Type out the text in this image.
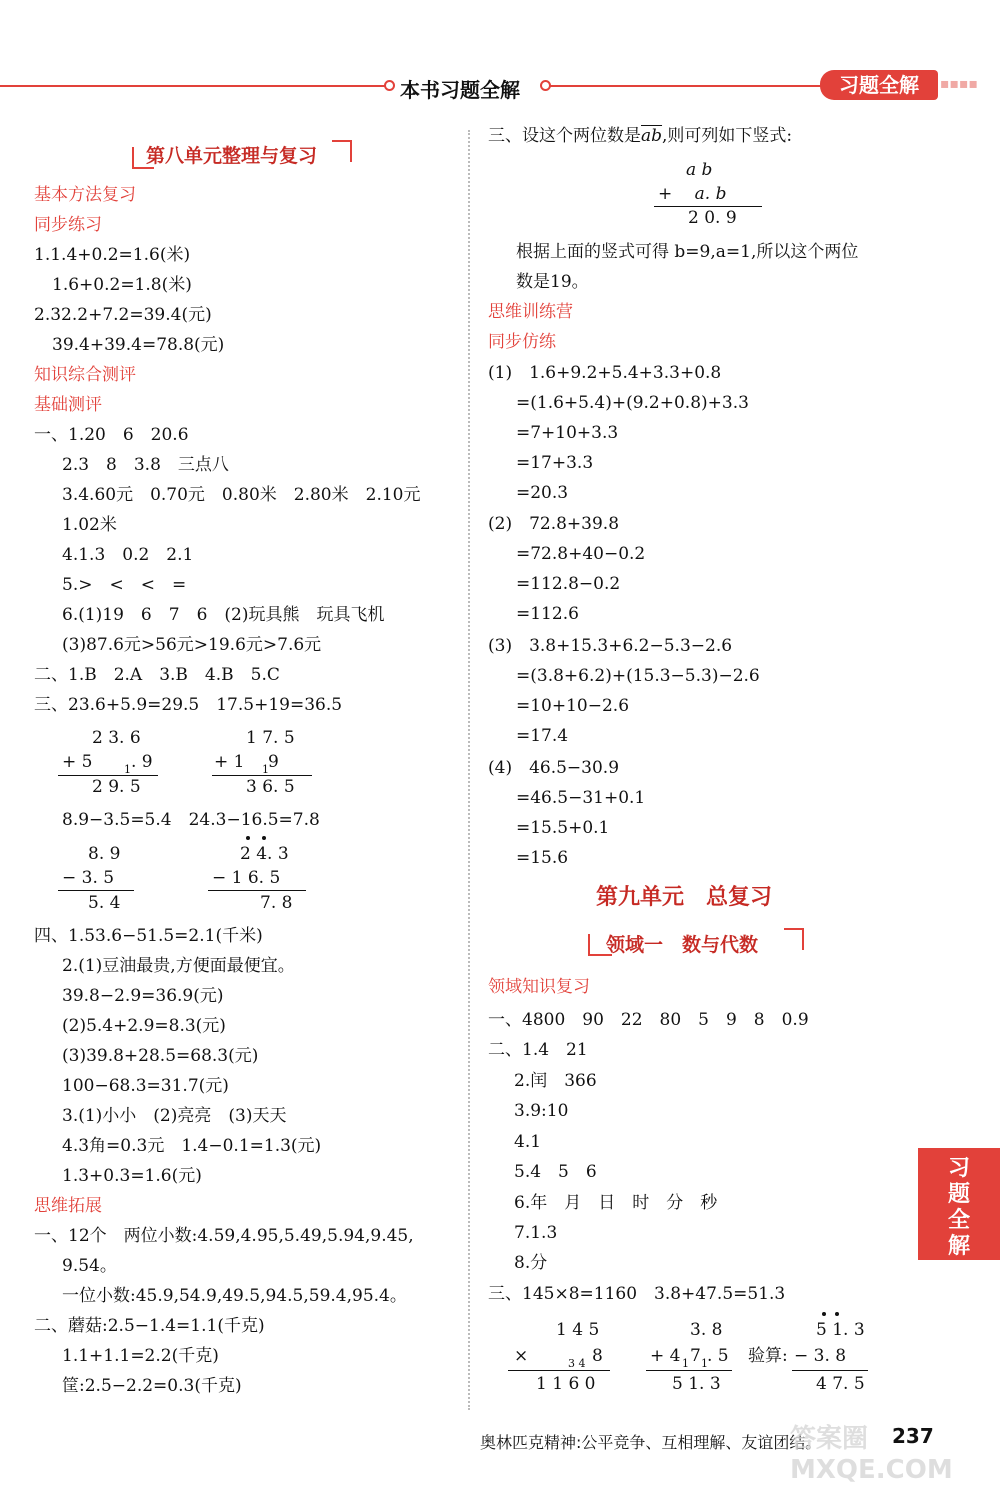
本书习题全解	习题全解	▪▪▪▪
第八单元整理与复习
基本方法复习
同步练习
1.1.4+0.2=1.6(米)
1.6+0.2=1.8(米)
2.32.2+7.2=39.4(元)
39.4+39.4=78.8(元)
知识综合测评
基础测评
一、1.20　6　20.6
2.3　8　3.8　三点八
3.4.60元　0.70元　0.80米　2.80米　2.10元
1.02米
4.1.3　0.2　2.1
5.>　<　<　=
6.(1)19　6　7　6　(2)玩具熊　玩具飞机
(3)87.6元>56元>19.6元>7.6元
二、1.B　2.A　3.B　4.B　5.C
三、23.6+5.9=29.5　17.5+19=36.5
2 3. 6
+ 5	1 . 9
2 9. 5
1 7. 5
+ 1 1 9
3 6. 5
8.9−3.5=5.4　24.3−16.5=7.8
8. 9
− 3. 5
5. 4
2 4. 3
− 1 6. 5
7. 8
四、1.53.6−51.5=2.1(千米)
2.(1)豆油最贵,方便面最便宜。
39.8−2.9=36.9(元)
(2)5.4+2.9=8.3(元)
(3)39.8+28.5=68.3(元)
100−68.3=31.7(元)
3.(1)小小　(2)亮亮　(3)天天
4.3角=0.3元　1.4−0.1=1.3(元)
1.3+0.3=1.6(元)
思维拓展
一、12个　两位小数:4.59,4.95,5.49,5.94,9.45,
9.54。
一位小数:45.9,54.9,49.5,94.5,59.4,95.4。
二、蘑菇:2.5−1.4=1.1(千克)
1.1+1.1=2.2(千克)
筐:2.5−2.2=0.3(千克)
三、设这个两位数是$\overline{ab}$,则可列如下竖式:
a b
+　 a. b
2 0. 9
根据上面的竖式可得 b=9,a=1,所以这个两位
数是19。
思维训练营
同步仿练
(1)　1.6+9.2+5.4+3.3+0.8
=(1.6+5.4)+(9.2+0.8)+3.3
=7+10+3.3
=17+3.3
=20.3
(2)　72.8+39.8
=72.8+40−0.2
=112.8−0.2
=112.6
(3)　3.8+15.3+6.2−5.3−2.6
=(3.8+6.2)+(15.3−5.3)−2.6
=10+10−2.6
=17.4
(4)　46.5−30.9
=46.5−31+0.1
=15.5+0.1
=15.6
第九单元　总复习
领域一　数与代数
领域知识复习
一、4800　90　22　80　5　9　8　0.9
二、1.4　21
2.闰　366
3.9:10
4.1
5.4　5　6
6.年　月　日　时　分　秒
7.1.3
8.分
三、145×8=1160　3.8+47.5=51.3
1 4 5
×	3 4 8
1 1 6 0
3. 8
+ 4 1 7 1 . 5
5 1. 3
验算:
5 1. 3
− 3. 8
4 7. 5
习题全解
奥林匹克精神:公平竞争、互相理解、友谊团结。	237
答案圈 MXQE.COM
